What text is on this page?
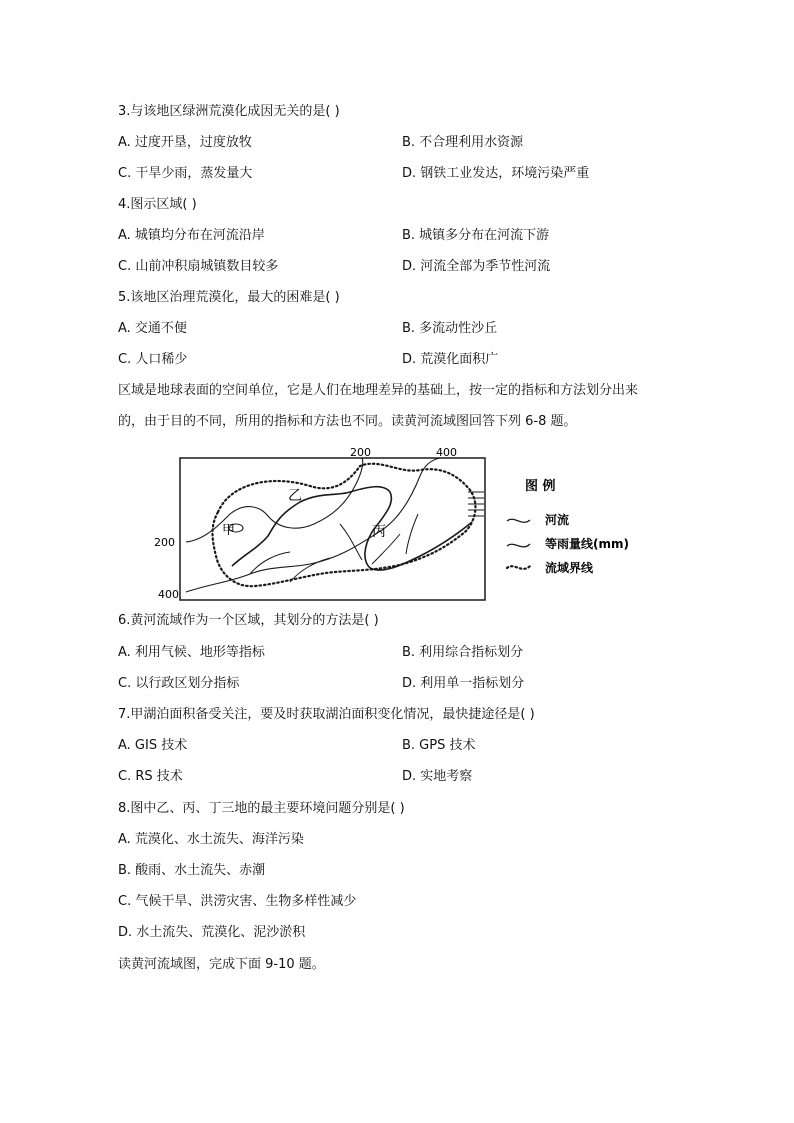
3.与该地区绿洲荒漠化成因无关的是( )
A. 过度开垦，过度放牧	B. 不合理利用水资源
C. 干旱少雨，蒸发量大	D. 钢铁工业发达，环境污染严重
4.图示区域( )
A. 城镇均分布在河流沿岸	B. 城镇多分布在河流下游
C. 山前冲积扇城镇数目较多	D. 河流全部为季节性河流
5.该地区治理荒漠化，最大的困难是( )
A. 交通不便	B. 多流动性沙丘
C. 人口稀少	D. 荒漠化面积广
区域是地球表面的空间单位，它是人们在地理差异的基础上，按一定的指标和方法划分出来
的，由于目的不同，所用的指标和方法也不同。读黄河流域图回答下列 6-8 题。
200	400
200
400
甲
乙
丙
图 例
河流
等雨量线(mm)
流域界线
6.黄河流域作为一个区域，其划分的方法是( )
A. 利用气候、地形等指标	B. 利用综合指标划分
C. 以行政区划分指标	D. 利用单一指标划分
7.甲湖泊面积备受关注，要及时获取湖泊面积变化情况，最快捷途径是( )
A. GIS 技术	B. GPS 技术
C. RS 技术	D. 实地考察
8.图中乙、丙、丁三地的最主要环境问题分别是( )
A. 荒漠化、水土流失、海洋污染
B. 酸雨、水土流失、赤潮
C. 气候干旱、洪涝灾害、生物多样性减少
D. 水土流失、荒漠化、泥沙淤积
读黄河流域图，完成下面 9-10 题。
